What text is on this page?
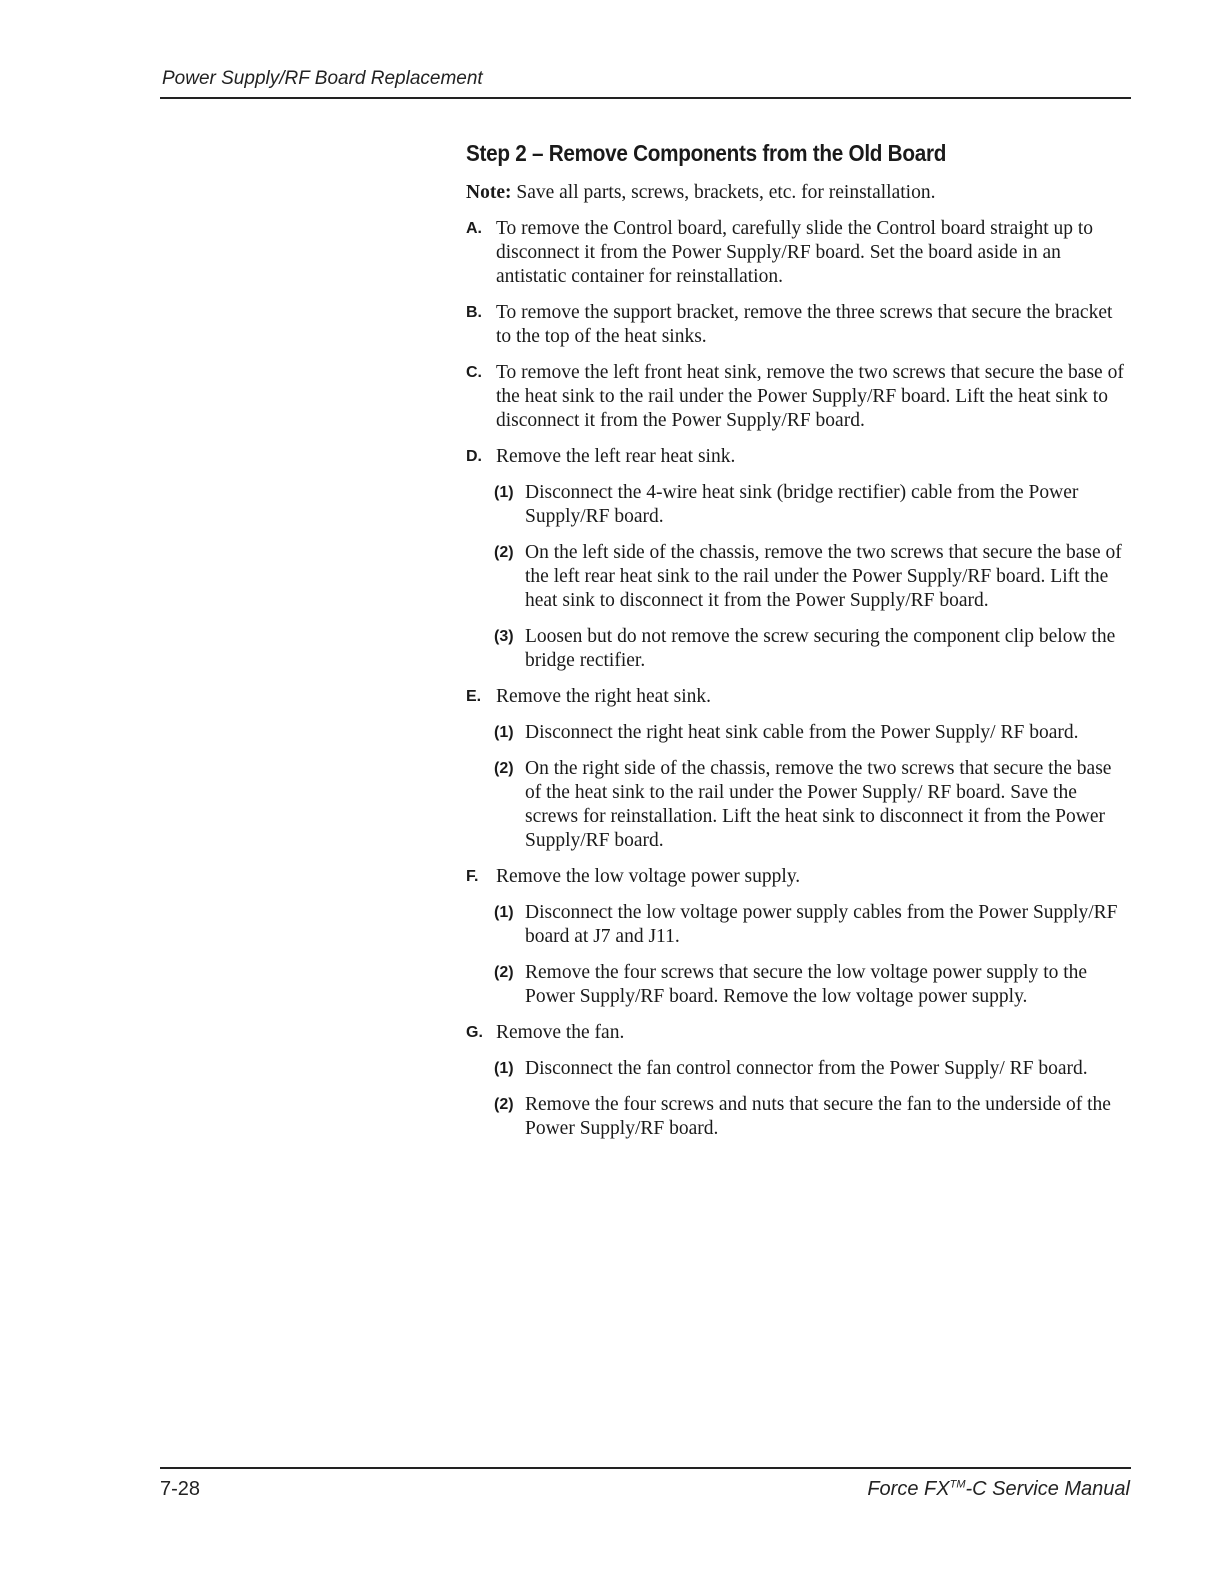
Power Supply/RF Board Replacement
Step 2 – Remove Components from the Old Board
Note: Save all parts, screws, brackets, etc. for reinstallation.
A. To remove the Control board, carefully slide the Control board straight up to disconnect it from the Power Supply/RF board. Set the board aside in an antistatic container for reinstallation.
B. To remove the support bracket, remove the three screws that secure the bracket to the top of the heat sinks.
C. To remove the left front heat sink, remove the two screws that secure the base of the heat sink to the rail under the Power Supply/RF board. Lift the heat sink to disconnect it from the Power Supply/RF board.
D. Remove the left rear heat sink.
(1) Disconnect the 4-wire heat sink (bridge rectifier) cable from the Power Supply/RF board.
(2) On the left side of the chassis, remove the two screws that secure the base of the left rear heat sink to the rail under the Power Supply/RF board. Lift the heat sink to disconnect it from the Power Supply/RF board.
(3) Loosen but do not remove the screw securing the component clip below the bridge rectifier.
E. Remove the right heat sink.
(1) Disconnect the right heat sink cable from the Power Supply/ RF board.
(2) On the right side of the chassis, remove the two screws that secure the base of the heat sink to the rail under the Power Supply/ RF board. Save the screws for reinstallation. Lift the heat sink to disconnect it from the Power Supply/RF board.
F. Remove the low voltage power supply.
(1) Disconnect the low voltage power supply cables from the Power Supply/RF board at J7 and J11.
(2) Remove the four screws that secure the low voltage power supply to the Power Supply/RF board. Remove the low voltage power supply.
G. Remove the fan.
(1) Disconnect the fan control connector from the Power Supply/ RF board.
(2) Remove the four screws and nuts that secure the fan to the underside of the Power Supply/RF board.
7-28	Force FX™-C Service Manual
